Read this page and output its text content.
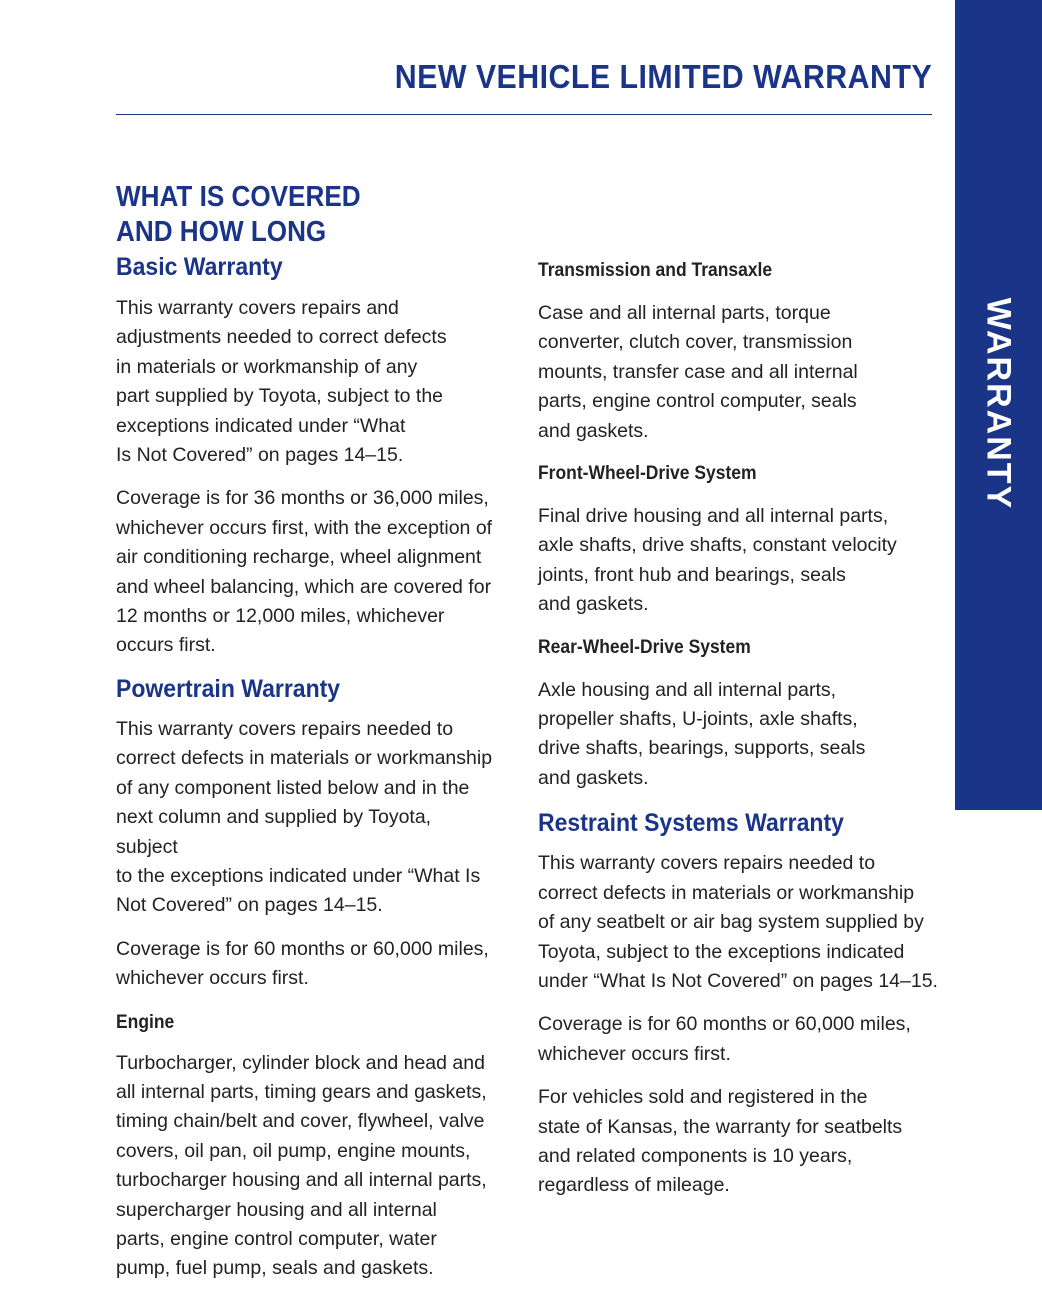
NEW VEHICLE LIMITED WARRANTY
WARRANTY
WHAT IS COVERED
AND HOW LONG
Basic Warranty

This warranty covers repairs and
adjustments needed to correct defects
in materials or workmanship of any
part supplied by Toyota, subject to the
exceptions indicated under “What
Is Not Covered” on pages 14–15.

Coverage is for 36 months or 36,000 miles,
whichever occurs first, with the exception of
air conditioning recharge, wheel alignment
and wheel balancing, which are covered for
12 months or 12,000 miles, whichever
occurs first.

Powertrain Warranty

This warranty covers repairs needed to
correct defects in materials or workmanship
of any component listed below and in the
next column and supplied by Toyota, subject
to the exceptions indicated under “What Is
Not Covered” on pages 14–15.

Coverage is for 60 months or 60,000 miles,
whichever occurs first.

Engine

Turbocharger, cylinder block and head and
all internal parts, timing gears and gaskets,
timing chain/belt and cover, flywheel, valve
covers, oil pan, oil pump, engine mounts,
turbocharger housing and all internal parts,
supercharger housing and all internal
parts, engine control computer, water
pump, fuel pump, seals and gaskets.

Transmission and Transaxle

Case and all internal parts, torque
converter, clutch cover, transmission
mounts, transfer case and all internal
parts, engine control computer, seals
and gaskets.

Front-Wheel-Drive System

Final drive housing and all internal parts,
axle shafts, drive shafts, constant velocity
joints, front hub and bearings, seals
and gaskets.

Rear-Wheel-Drive System

Axle housing and all internal parts,
propeller shafts, U-joints, axle shafts,
drive shafts, bearings, supports, seals
and gaskets.

Restraint Systems Warranty

This warranty covers repairs needed to
correct defects in materials or workmanship
of any seatbelt or air bag system supplied by
Toyota, subject to the exceptions indicated
under “What Is Not Covered” on pages 14–15.

Coverage is for 60 months or 60,000 miles,
whichever occurs first.

For vehicles sold and registered in the
state of Kansas, the warranty for seatbelts
and related components is 10 years,
regardless of mileage.
